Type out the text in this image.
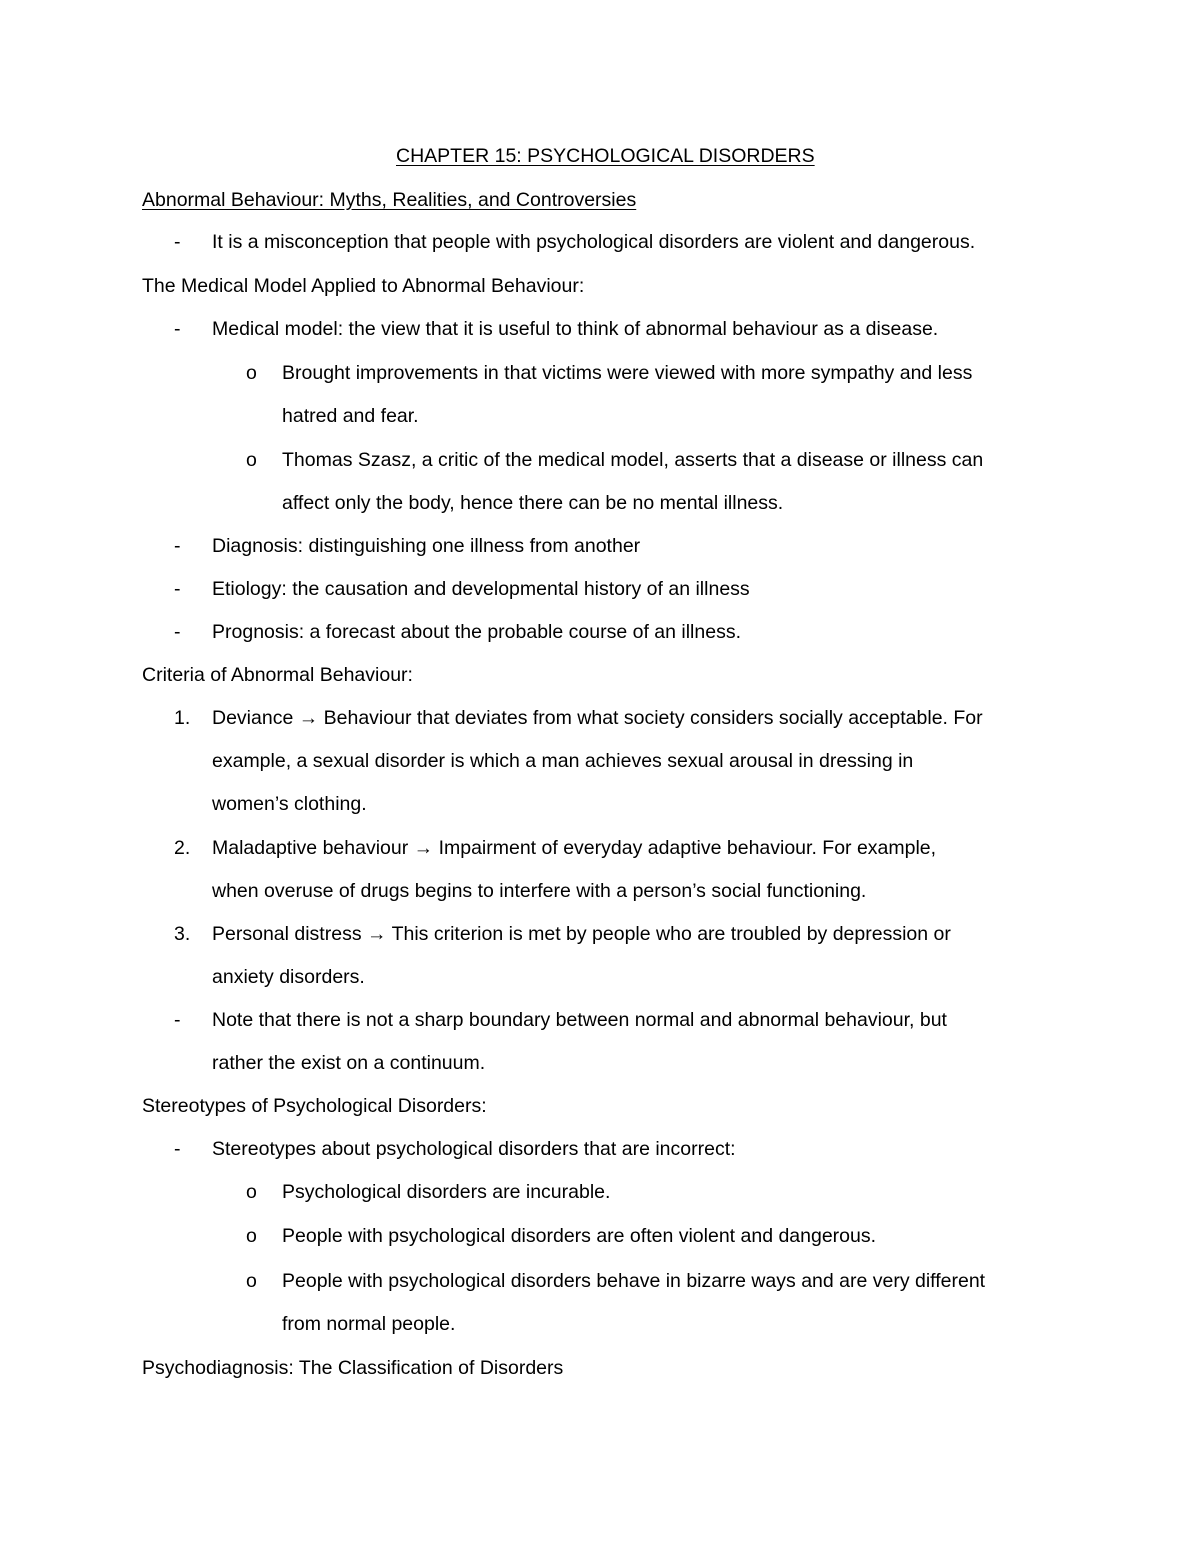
CHAPTER 15: PSYCHOLOGICAL DISORDERS
Abnormal Behaviour: Myths, Realities, and Controversies
- It is a misconception that people with psychological disorders are violent and dangerous.
The Medical Model Applied to Abnormal Behaviour:
- Medical model: the view that it is useful to think of abnormal behaviour as a disease.
o Brought improvements in that victims were viewed with more sympathy and less
hatred and fear.
o Thomas Szasz, a critic of the medical model, asserts that a disease or illness can
affect only the body, hence there can be no mental illness.
- Diagnosis: distinguishing one illness from another
- Etiology: the causation and developmental history of an illness
- Prognosis: a forecast about the probable course of an illness.
Criteria of Abnormal Behaviour:
1. Deviance → Behaviour that deviates from what society considers socially acceptable. For
example, a sexual disorder is which a man achieves sexual arousal in dressing in
women’s clothing.
2. Maladaptive behaviour → Impairment of everyday adaptive behaviour. For example,
when overuse of drugs begins to interfere with a person’s social functioning.
3. Personal distress → This criterion is met by people who are troubled by depression or
anxiety disorders.
- Note that there is not a sharp boundary between normal and abnormal behaviour, but
rather the exist on a continuum.
Stereotypes of Psychological Disorders:
- Stereotypes about psychological disorders that are incorrect:
o Psychological disorders are incurable.
o People with psychological disorders are often violent and dangerous.
o People with psychological disorders behave in bizarre ways and are very different
from normal people.
Psychodiagnosis: The Classification of Disorders
